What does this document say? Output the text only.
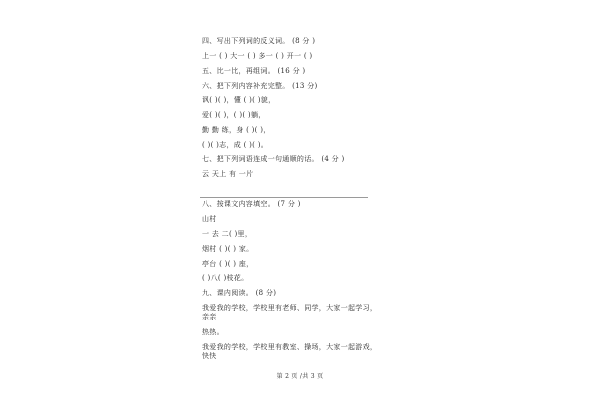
四、写出下列词的反义词。 (8 分 )
上一 ( ) 大一 ( ) 多一 ( ) 开一 ( )
五、比一比，再组词。 (16 分 )
六、把下列内容补充完整。 (13 分)
讽( )( )，懂 ( )( )貌，
爱( )( )，( )( )躺，
勤 勤 练，身 ( )( )，
( )( )志，成 ( )( )。
七、把下列词语连成一句通顺的话。 (4 分 )
云 天上 有 一片
八、按课文内容填空。 (7 分 )
山村
一 去 二( )里，
烟村 ( )( ) 家。
亭台 ( )( ) 座，
( )八( )枝花。
九、课内阅读。 (8 分)
我爱我的学校，学校里有老师、同学，大家一起学习，亲亲
热热。
我爱我的学校，学校里有教室、操场，大家一起游戏，快快
第 2 页 /共 3 页
